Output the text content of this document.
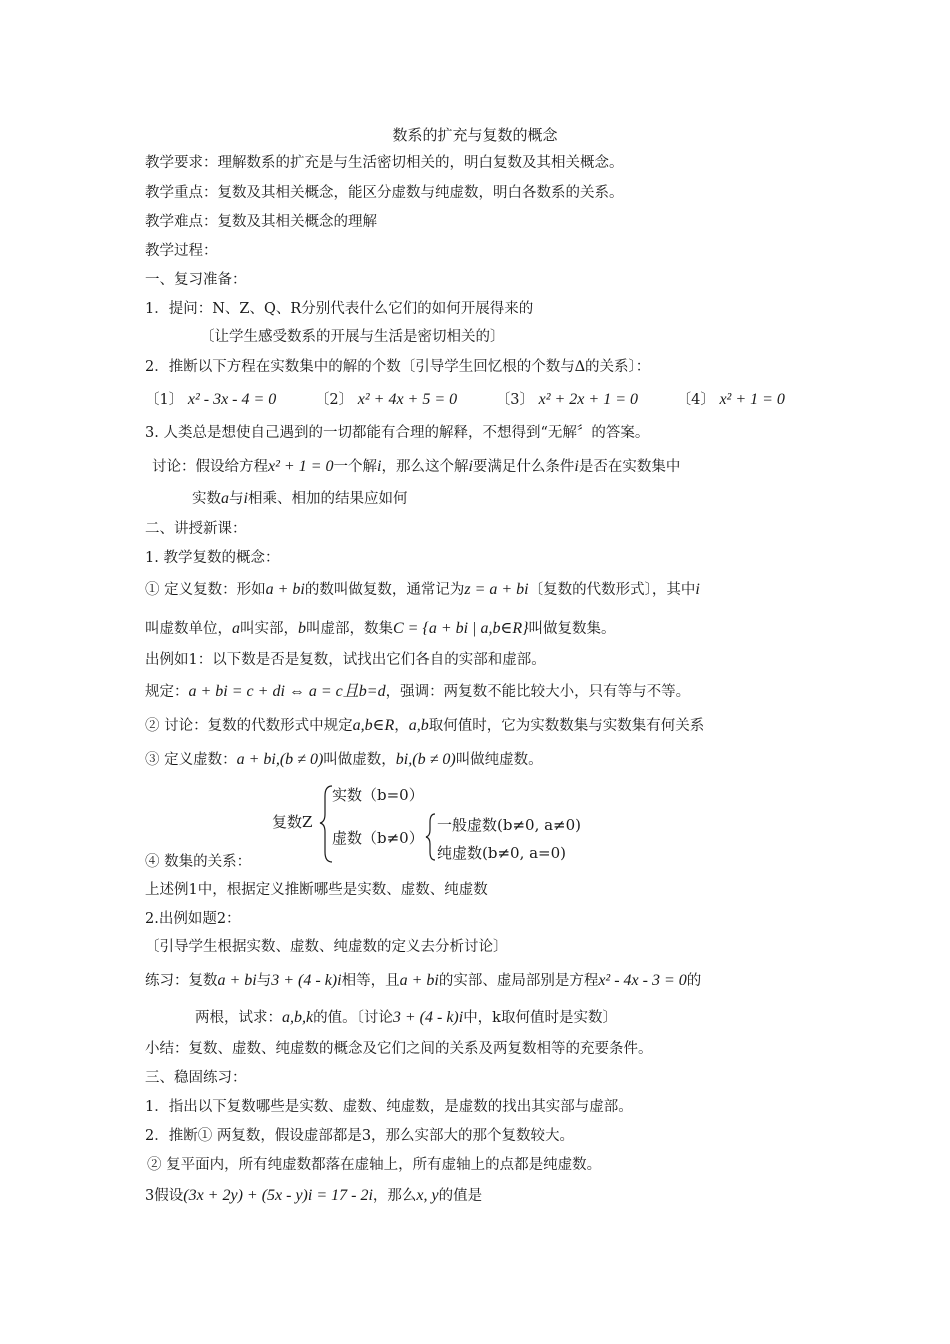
数系的扩充与复数的概念
教学要求：理解数系的扩充是与生活密切相关的，明白复数及其相关概念。
教学重点：复数及其相关概念，能区分虚数与纯虚数，明白各数系的关系。
教学难点：复数及其相关概念的理解
教学过程：
一、复习准备：
1．提问：N、Z、Q、R分别代表什么它们的如何开展得来的
〔让学生感受数系的开展与生活是密切相关的〕
2．推断以下方程在实数集中的解的个数〔引导学生回忆根的个数与Δ的关系〕：
〔1〕 x² - 3x - 4 = 0	〔2〕 x² + 4x + 5 = 0	〔3〕 x² + 2x + 1 = 0	〔4〕 x² + 1 = 0
3. 人类总是想使自己遇到的一切都能有合理的解释，不想得到“无解〞的答案。
讨论：假设给方程x² + 1 = 0一个解i，那么这个解i要满足什么条件i是否在实数集中
实数a与i相乘、相加的结果应如何
二、讲授新课：
1. 教学复数的概念：
① 定义复数：形如a + bi的数叫做复数，通常记为z = a + bi〔复数的代数形式〕，其中i
叫虚数单位，a叫实部，b叫虚部，数集C = {a + bi | a,b∈R}叫做复数集。
出例如1：以下数是否是复数，试找出它们各自的实部和虚部。
规定：a + bi = c + di ⇔ a = c且b=d，强调：两复数不能比较大小，只有等与不等。
② 讨论：复数的代数形式中规定a,b∈R，a,b取何值时，它为实数数集与实数集有何关系
③ 定义虚数：a + bi,(b ≠ 0)叫做虚数，bi,(b ≠ 0)叫做纯虚数。
复数Z
实数（b=0）
虚数（b≠0）
一般虚数(b≠0, a≠0)
纯虚数(b≠0, a=0)
④ 数集的关系：
上述例1中，根据定义推断哪些是实数、虚数、纯虚数
2.出例如题2：
〔引导学生根据实数、虚数、纯虚数的定义去分析讨论〕
练习：复数a + bi与3 + (4 - k)i相等，且a + bi的实部、虚局部别是方程x² - 4x - 3 = 0的
两根，试求：a,b,k的值。〔讨论3 + (4 - k)i中，k取何值时是实数〕
小结：复数、虚数、纯虚数的概念及它们之间的关系及两复数相等的充要条件。
三、稳固练习：
1．指出以下复数哪些是实数、虚数、纯虚数，是虚数的找出其实部与虚部。
2．推断① 两复数，假设虚部都是3，那么实部大的那个复数较大。
② 复平面内，所有纯虚数都落在虚轴上，所有虚轴上的点都是纯虚数。
3假设(3x + 2y) + (5x - y)i = 17 - 2i，那么x, y的值是
